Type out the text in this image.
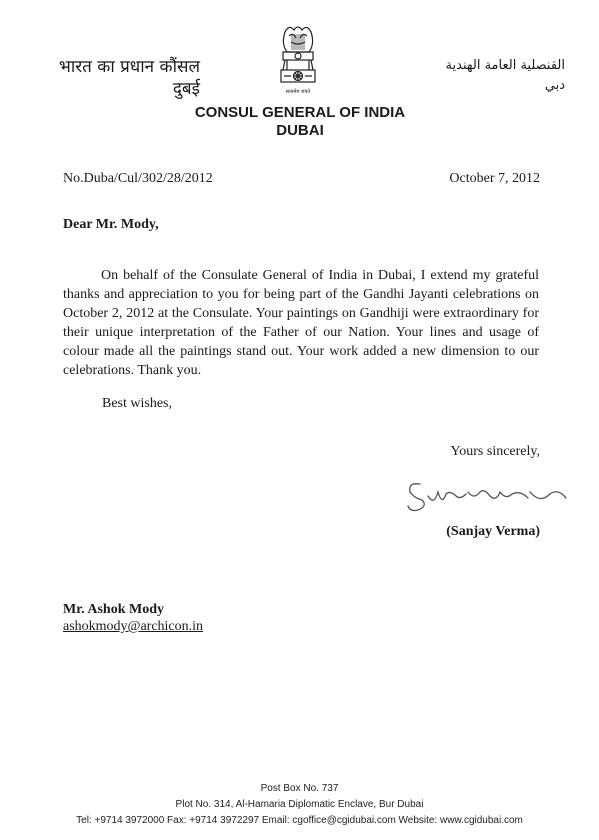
भारत का प्रधान कौंसल
दुबई	सत्यमेव जयते
القنصلية العامة الهندية
دبي
CONSUL GENERAL OF INDIA
DUBAI
No.Duba/Cul/302/28/2012	October 7, 2012
Dear Mr. Mody,
On behalf of the Consulate General of India in Dubai, I extend my grateful thanks and appreciation to you for being part of the Gandhi Jayanti celebrations on October 2, 2012 at the Consulate. Your paintings on Gandhiji were extraordinary for their unique interpretation of the Father of our Nation. Your lines and usage of colour made all the paintings stand out. Your work added a new dimension to our celebrations. Thank you.
Best wishes,
Yours sincerely,
(Sanjay Verma)
Mr. Ashok Mody
ashokmody@archicon.in
Post Box No. 737
Plot No. 314, Al-Hamaria Diplomatic Enclave, Bur Dubai
Tel: +9714 3972000 Fax: +9714 3972297 Email: cgoffice@cgidubai.com Website: www.cgidubai.com
